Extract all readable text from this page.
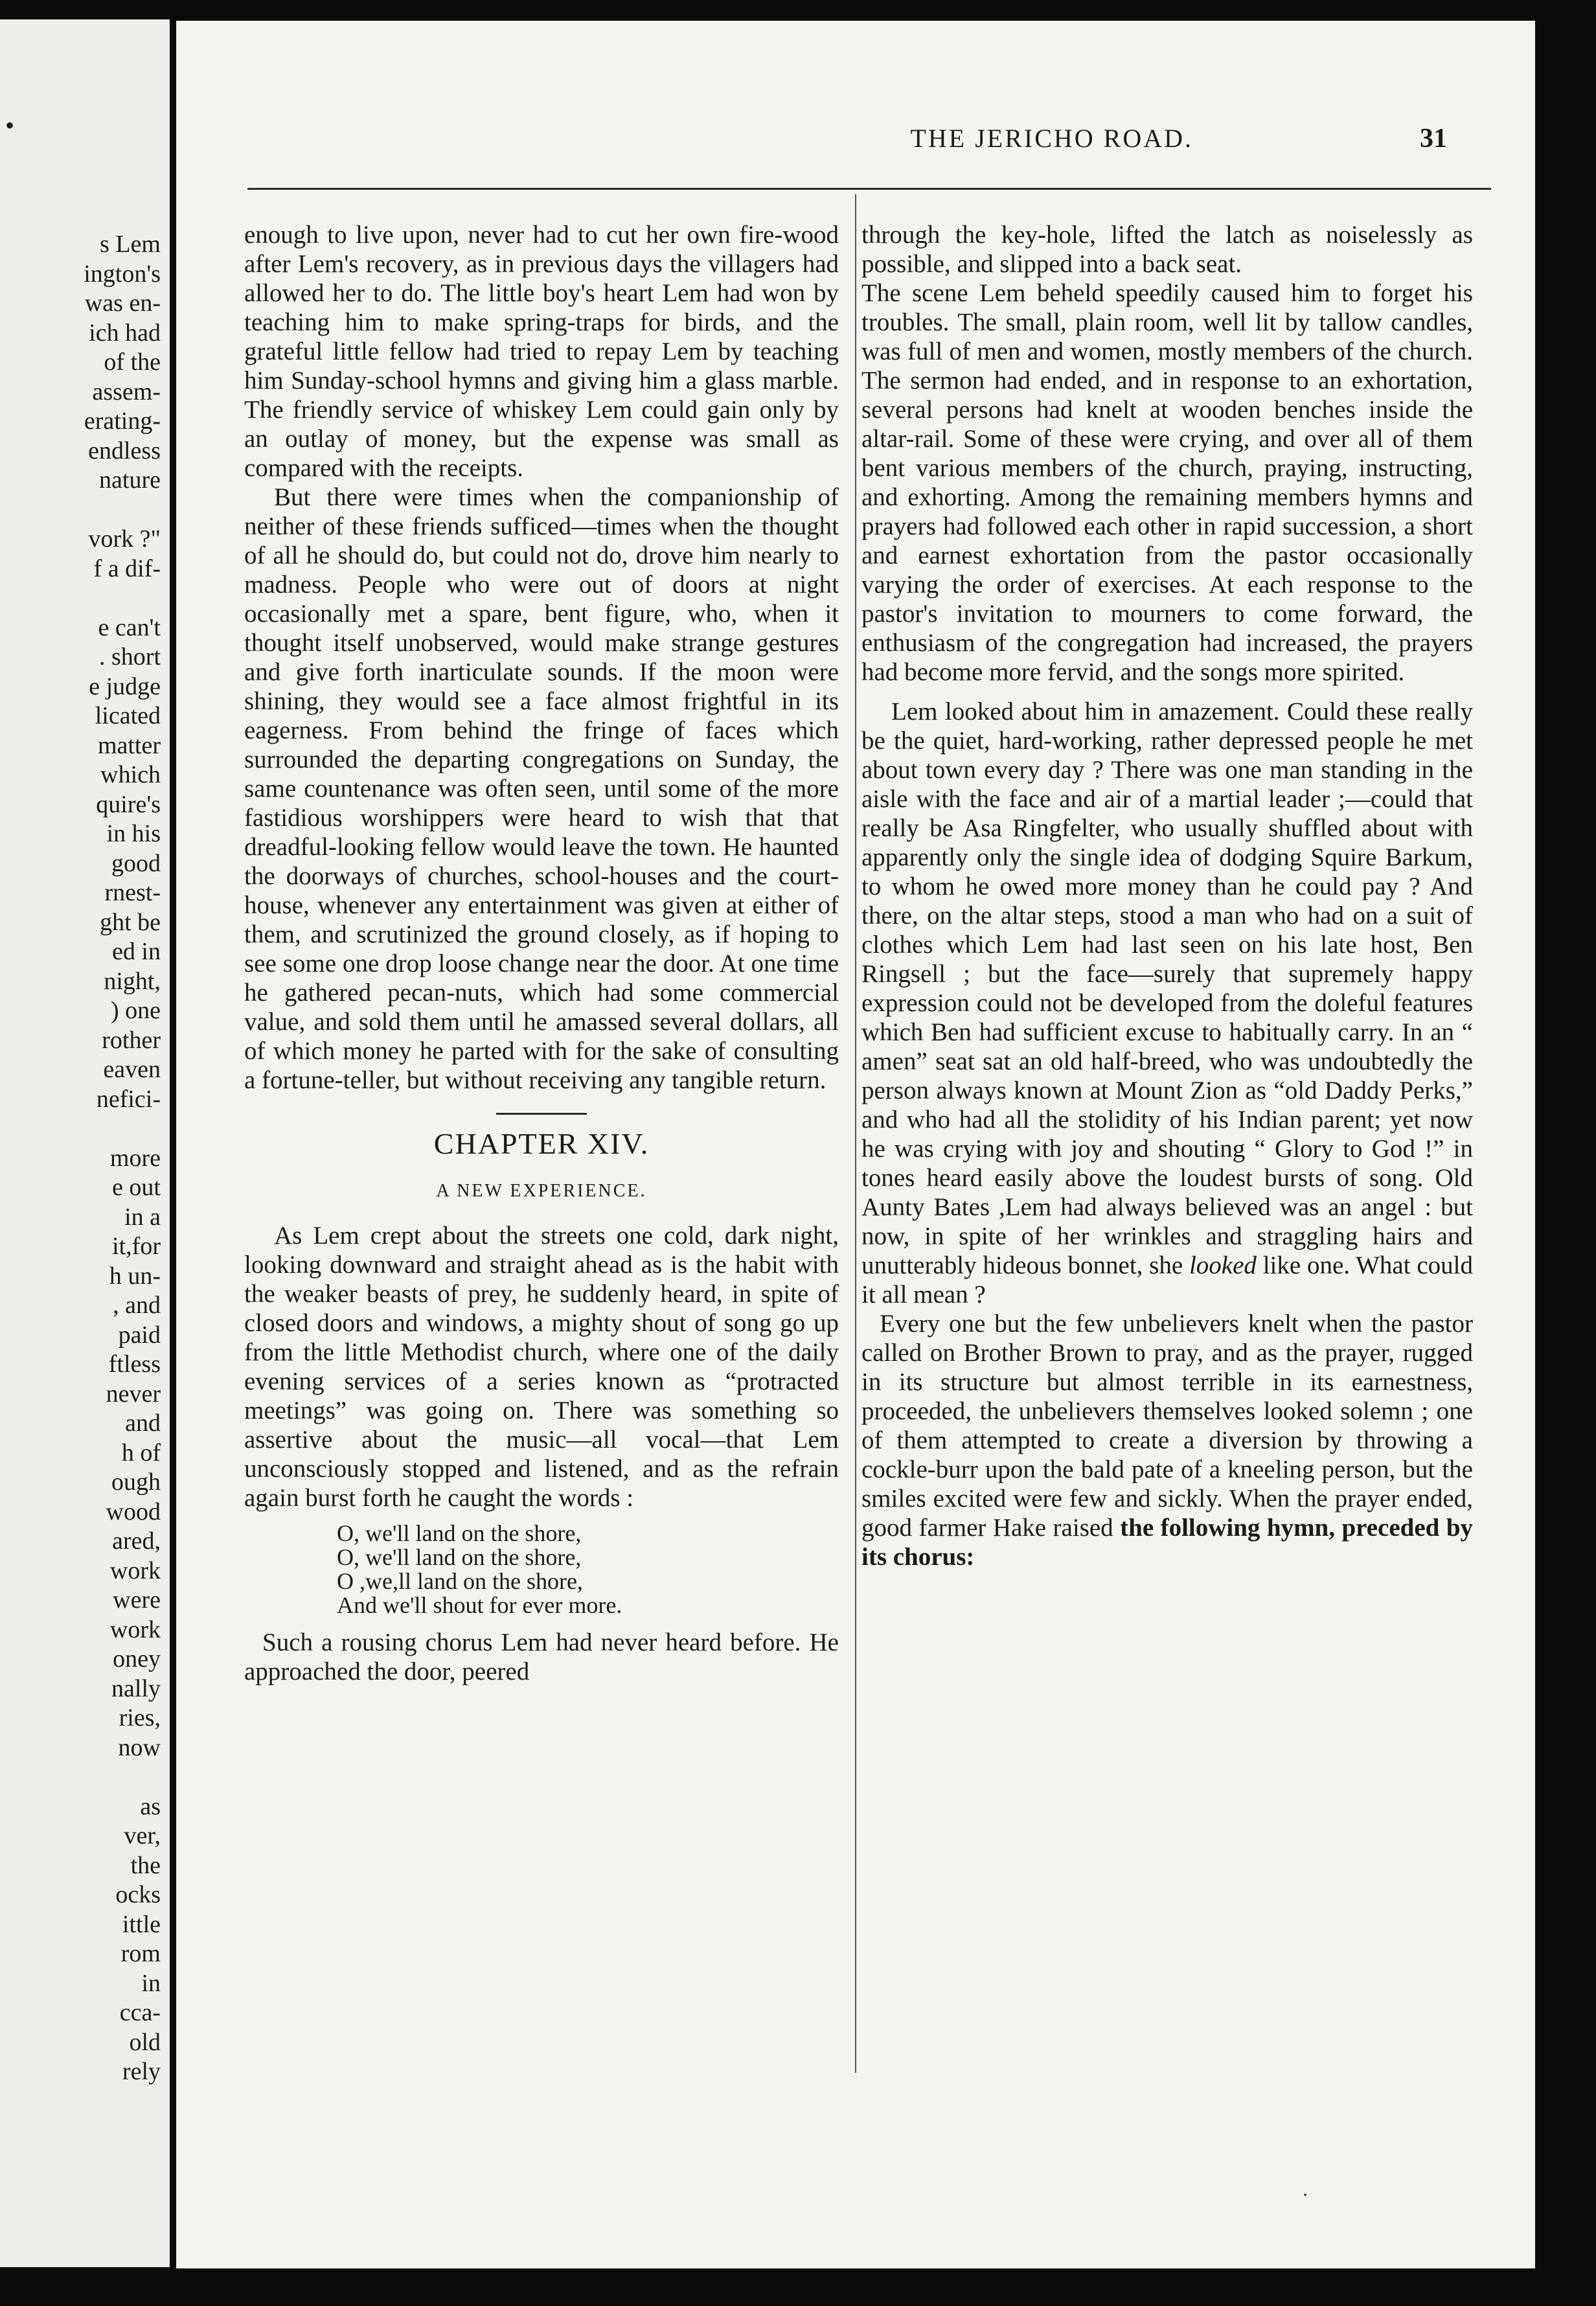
•
s Lem
ington's
was en-
ich had
of the
assem-
erating-
endless
nature

vork ?"
f a dif-

e can't
. short
e judge
licated
matter
which
quire's
in his
good
rnest-
ght be
ed in
night,
) one
rother
eaven
nefici-

more
e out
in a
it,for
h un-
, and
paid
ftless
never
and
h of
ough
wood
ared,
work
were
work
oney
nally
ries,
now

as
ver,
the
ocks
ittle
rom
in
cca-
old
rely
THE JERICHO ROAD.	31

enough to live upon, never had to cut her own fire-wood after Lem's recovery, as in previous days the villagers had allowed her to do. The little boy's heart Lem had won by teaching him to make spring-traps for birds, and the grateful little fellow had tried to repay Lem by teaching him Sunday-school hymns and giving him a glass marble. The friendly service of whiskey Lem could gain only by an outlay of money, but the expense was small as compared with the receipts.

But there were times when the companionship of neither of these friends sufficed—times when the thought of all he should do, but could not do, drove him nearly to madness. People who were out of doors at night occasionally met a spare, bent figure, who, when it thought itself unobserved, would make strange gestures and give forth inarticulate sounds. If the moon were shining, they would see a face almost frightful in its eagerness. From behind the fringe of faces which surrounded the departing congregations on Sunday, the same countenance was often seen, until some of the more fastidious worshippers were heard to wish that that dreadful-looking fellow would leave the town. He haunted the doorways of churches, school-houses and the court-house, whenever any entertainment was given at either of them, and scrutinized the ground closely, as if hoping to see some one drop loose change near the door. At one time he gathered pecan-nuts, which had some commercial value, and sold them until he amassed several dollars, all of which money he parted with for the sake of consulting a fortune-teller, but without receiving any tangible return.

CHAPTER XIV.
A NEW EXPERIENCE.

As Lem crept about the streets one cold, dark night, looking downward and straight ahead as is the habit with the weaker beasts of prey, he suddenly heard, in spite of closed doors and windows, a mighty shout of song go up from the little Methodist church, where one of the daily evening services of a series known as “protracted meetings” was going on. There was something so assertive about the music—all vocal—that Lem unconsciously stopped and listened, and as the refrain again burst forth he caught the words :

O, we'll land on the shore,
O, we'll land on the shore,
O ,we,ll land on the shore,
And we'll shout for ever more.

Such a rousing chorus Lem had never heard before. He approached the door, peered

through the key-hole, lifted the latch as noiselessly as possible, and slipped into a back seat.

The scene Lem beheld speedily caused him to forget his troubles. The small, plain room, well lit by tallow candles, was full of men and women, mostly members of the church. The sermon had ended, and in response to an exhortation, several persons had knelt at wooden benches inside the altar-rail. Some of these were crying, and over all of them bent various members of the church, praying, instructing, and exhorting. Among the remaining members hymns and prayers had followed each other in rapid succession, a short and earnest exhortation from the pastor occasionally varying the order of exercises. At each response to the pastor's invitation to mourners to come forward, the enthusiasm of the congregation had increased, the prayers had become more fervid, and the songs more spirited.

Lem looked about him in amazement. Could these really be the quiet, hard-working, rather depressed people he met about town every day ? There was one man standing in the aisle with the face and air of a martial leader ;—could that really be Asa Ringfelter, who usually shuffled about with apparently only the single idea of dodging Squire Barkum, to whom he owed more money than he could pay ? And there, on the altar steps, stood a man who had on a suit of clothes which Lem had last seen on his late host, Ben Ringsell ; but the face—surely that supremely happy expression could not be developed from the doleful features which Ben had sufficient excuse to habitually carry. In an “ amen” seat sat an old half-breed, who was undoubtedly the person always known at Mount Zion as “old Daddy Perks,” and who had all the stolidity of his Indian parent; yet now he was crying with joy and shouting “ Glory to God !” in tones heard easily above the loudest bursts of song. Old Aunty Bates ,Lem had always believed was an angel : but now, in spite of her wrinkles and straggling hairs and unutterably hideous bonnet, she looked like one. What could it all mean ?

Every one but the few unbelievers knelt when the pastor called on Brother Brown to pray, and as the prayer, rugged in its structure but almost terrible in its earnestness, proceeded, the unbelievers themselves looked solemn ; one of them attempted to create a diversion by throwing a cockle-burr upon the bald pate of a kneeling person, but the smiles excited were few and sickly. When the prayer ended, good farmer Hake raised the following hymn, preceded by its chorus:

·
